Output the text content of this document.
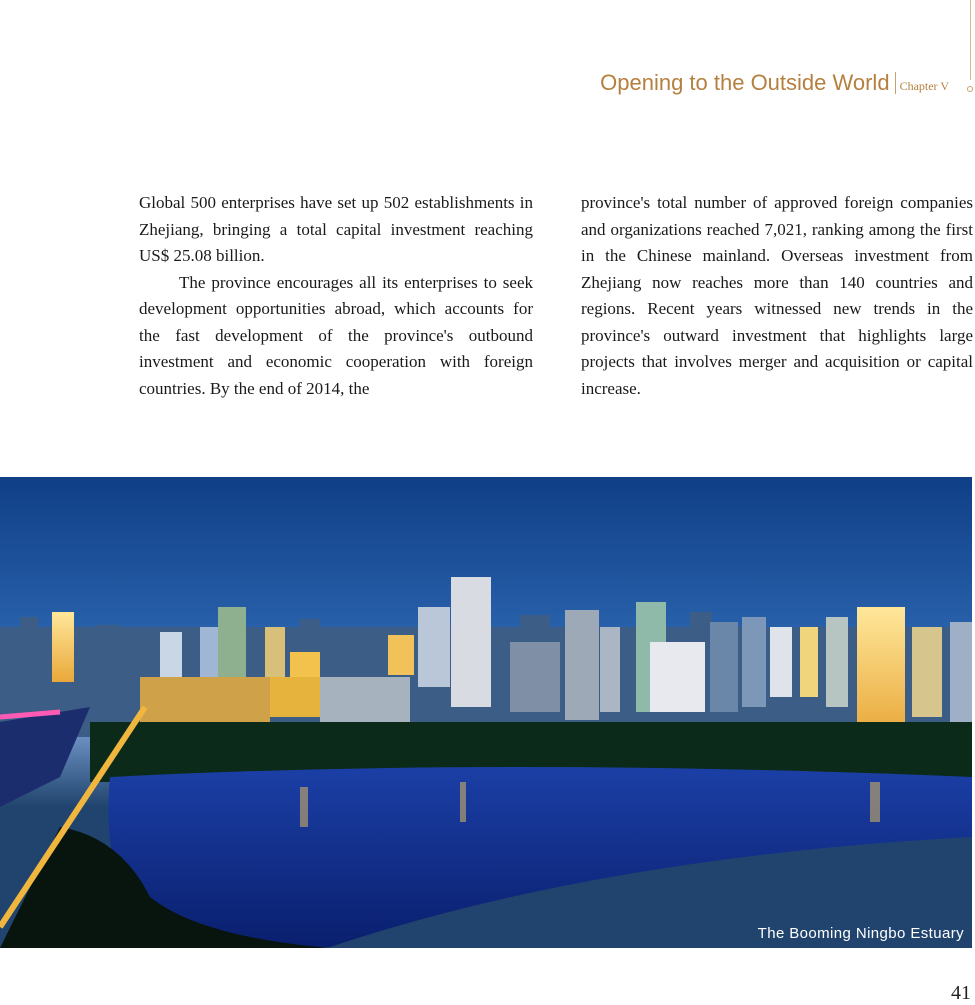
Opening to the Outside World Chapter V

Global 500 enterprises have set up 502 establishments in Zhejiang, bringing a total capital investment reaching US$ 25.08 billion.

The province encourages all its enterprises to seek development opportunities abroad, which accounts for the fast development of the province's outbound investment and economic cooperation with foreign countries. By the end of 2014, the

province's total number of approved foreign companies and organizations reached 7,021, ranking among the first in the Chinese mainland. Overseas investment from Zhejiang now reaches more than 140 countries and regions. Recent years witnessed new trends in the province's outward investment that highlights large projects that involves merger and acquisition or capital increase.

The Booming Ningbo Estuary
41
